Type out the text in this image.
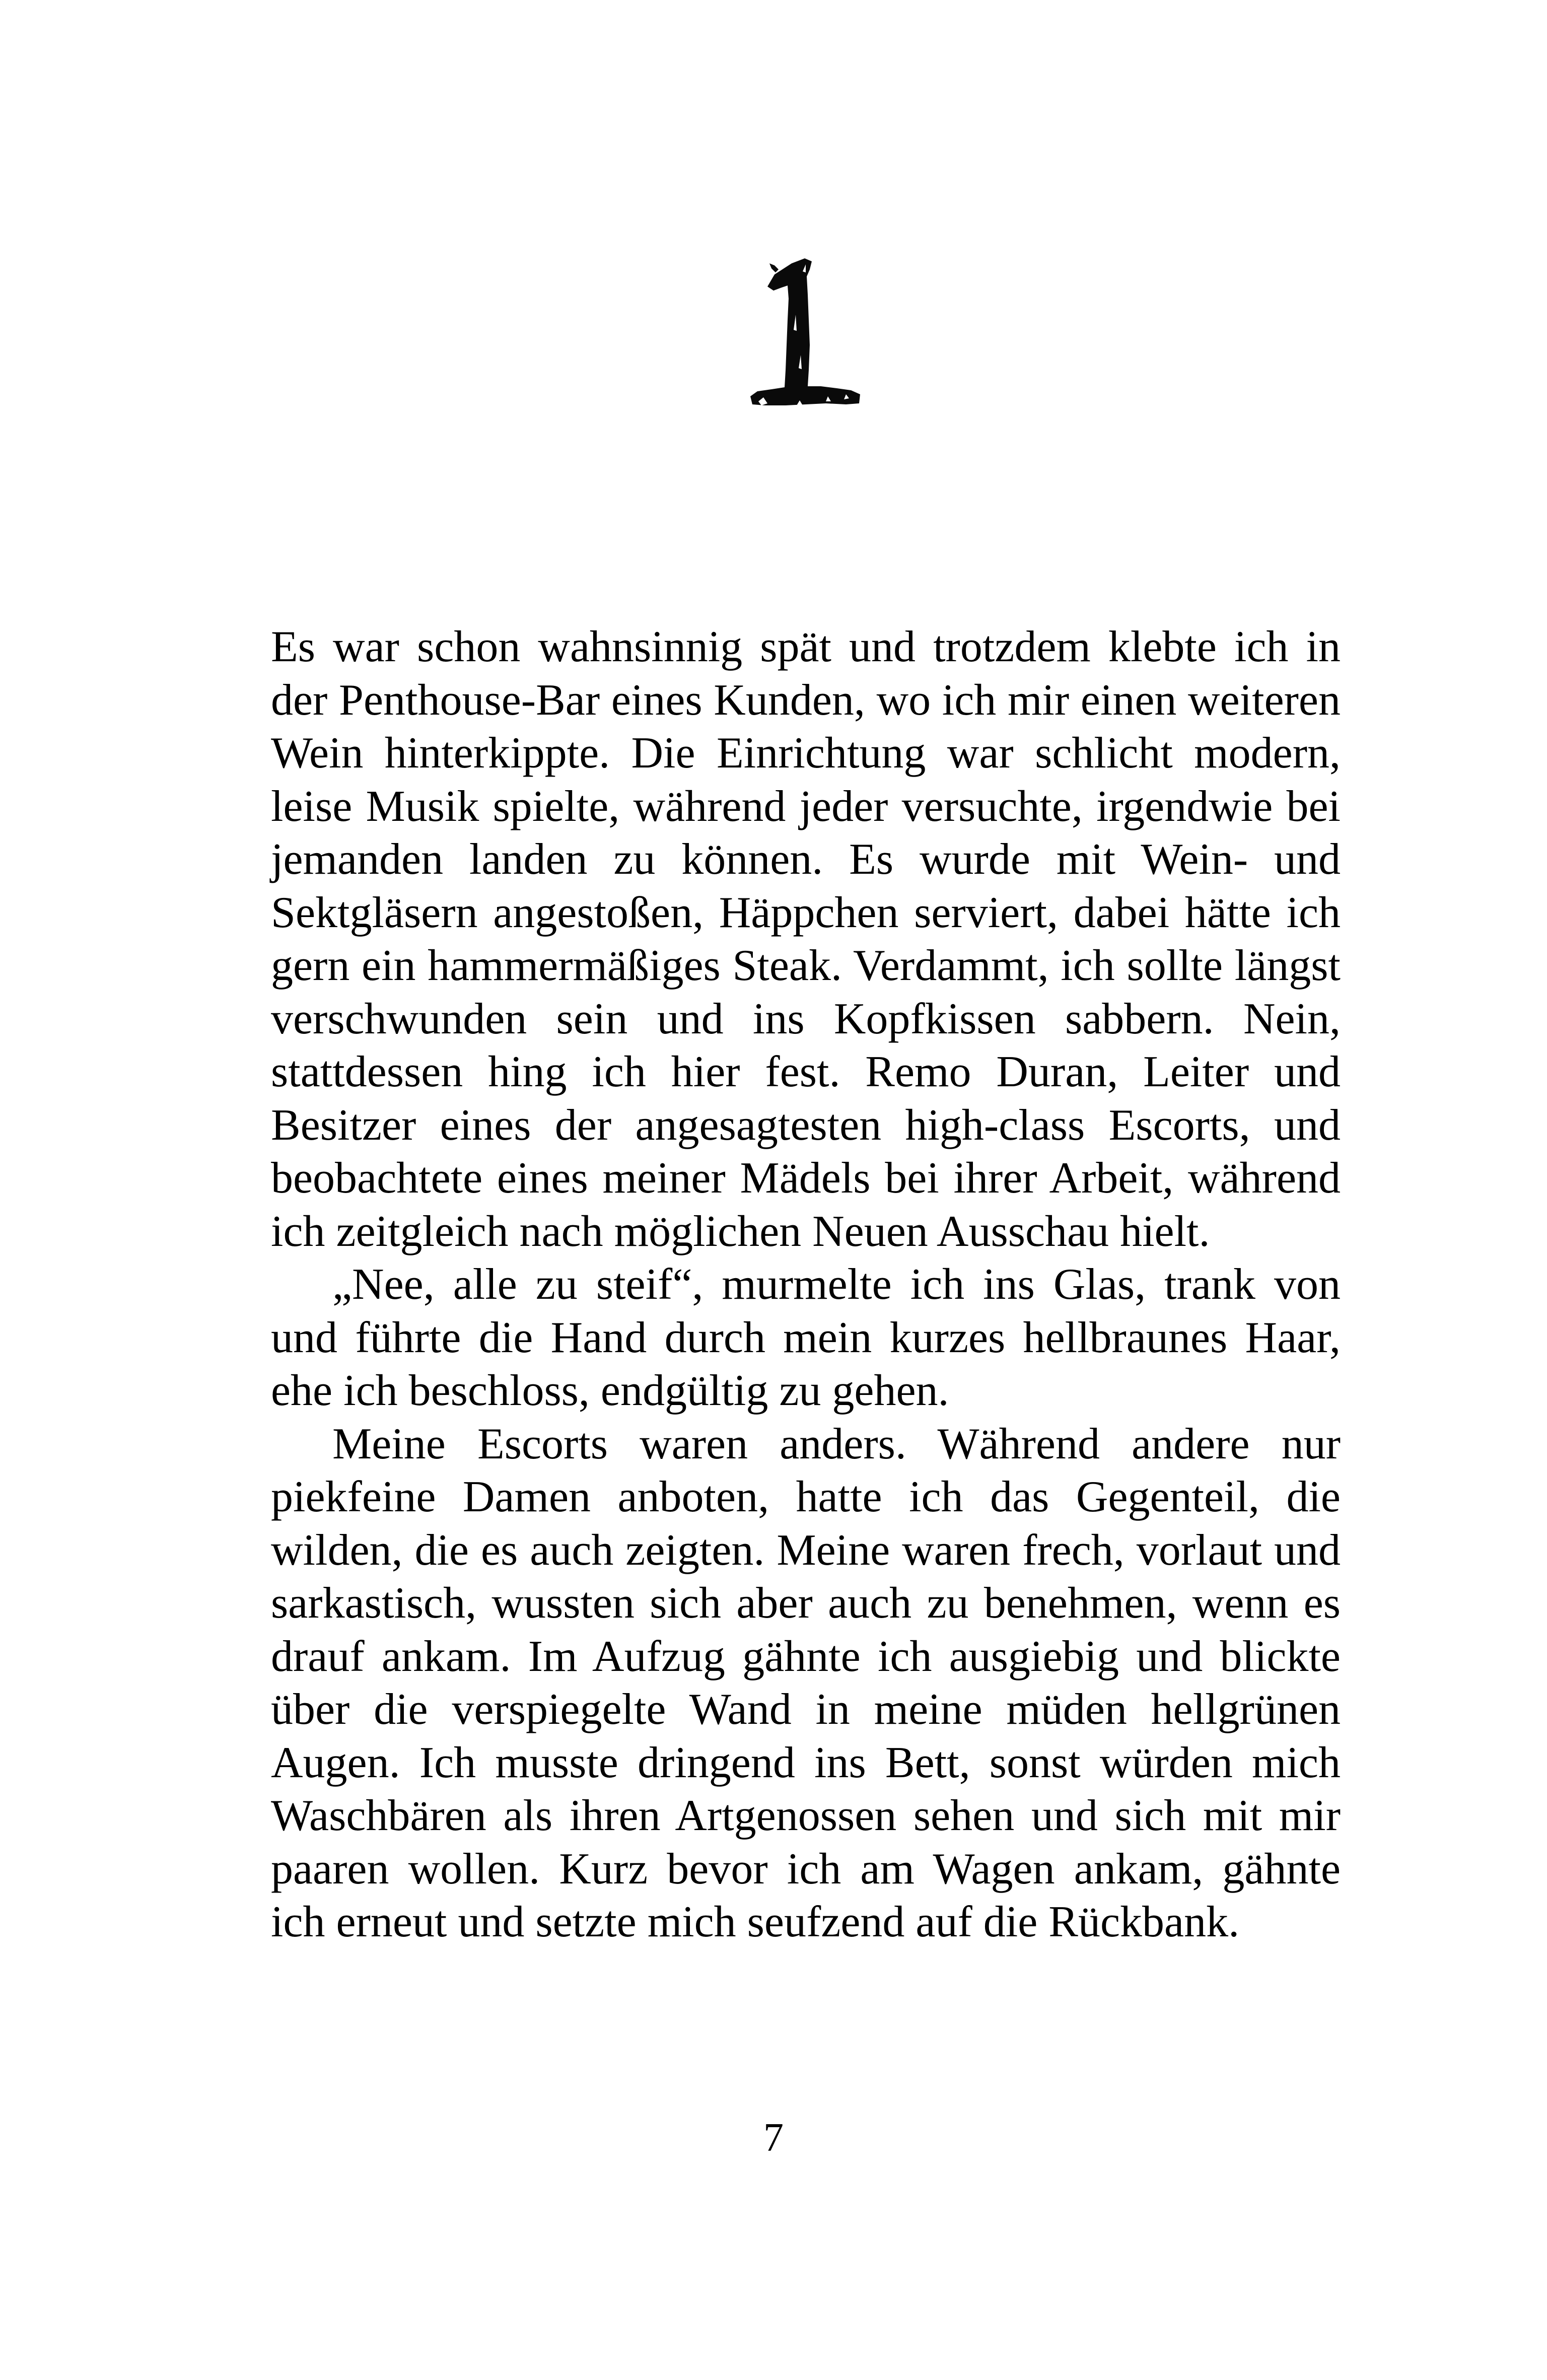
Es war schon wahnsinnig spät und trotzdem klebte ich in der Penthouse-Bar eines Kunden, wo ich mir einen weiteren Wein hinterkippte. Die Einrichtung war schlicht modern, leise Musik spielte, während jeder versuchte, irgendwie bei jemanden landen zu können. Es wurde mit Wein- und Sektgläsern angestoßen, Häppchen serviert, dabei hätte ich gern ein hammermäßiges Steak. Verdammt, ich sollte längst verschwunden sein und ins Kopfkissen sabbern. Nein, stattdessen hing ich hier fest. Remo Duran, Leiter und Besitzer eines der angesagtesten high-class Escorts, und beobachtete eines meiner Mädels bei ihrer Arbeit, während ich zeitgleich nach möglichen Neuen Ausschau hielt.

„Nee, alle zu steif“, murmelte ich ins Glas, trank von und führte die Hand durch mein kurzes hellbraunes Haar, ehe ich beschloss, endgültig zu gehen.

Meine Escorts waren anders. Während andere nur piekfeine Damen anboten, hatte ich das Gegenteil, die wilden, die es auch zeigten. Meine waren frech, vorlaut und sarkastisch, wussten sich aber auch zu benehmen, wenn es drauf ankam. Im Aufzug gähnte ich ausgiebig und blickte über die verspiegelte Wand in meine müden hellgrünen Augen. Ich musste dringend ins Bett, sonst würden mich Waschbären als ihren Artgenossen sehen und sich mit mir paaren wollen. Kurz bevor ich am Wagen ankam, gähnte ich erneut und setzte mich seufzend auf die Rückbank.

7
